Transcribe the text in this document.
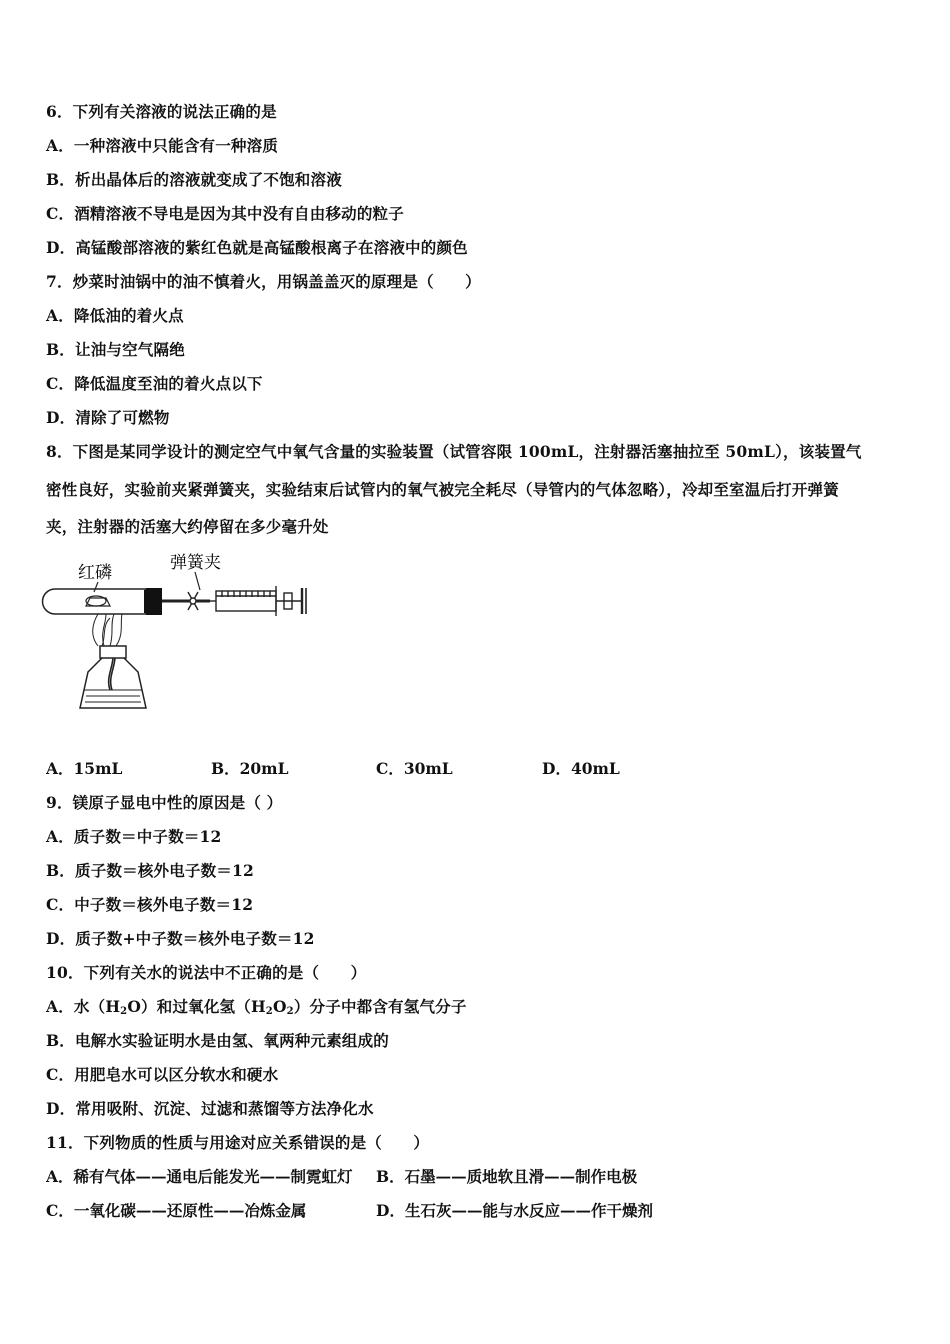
6．下列有关溶液的说法正确的是
A．一种溶液中只能含有一种溶质
B．析出晶体后的溶液就变成了不饱和溶液
C．酒精溶液不导电是因为其中没有自由移动的粒子
D．高锰酸部溶液的紫红色就是高锰酸根离子在溶液中的颜色
7．炒菜时油锅中的油不慎着火，用锅盖盖灭的原理是（　　）
A．降低油的着火点
B．让油与空气隔绝
C．降低温度至油的着火点以下
D．清除了可燃物
8．下图是某同学设计的测定空气中氧气含量的实验装置（试管容限 100mL，注射器活塞抽拉至 50mL），该装置气
密性良好，实验前夹紧弹簧夹，实验结束后试管内的氧气被完全耗尽（导管内的气体忽略），冷却至室温后打开弹簧
夹，注射器的活塞大约停留在多少毫升处
红磷	弹簧夹
A．15mL	B．20mL	C．30mL	D．40mL
9．镁原子显电中性的原因是（ ）
A．质子数＝中子数＝12
B．质子数＝核外电子数＝12
C．中子数＝核外电子数＝12
D．质子数+中子数＝核外电子数＝12
10．下列有关水的说法中不正确的是（　　）
A．水$(H_2O)$和过氧化氢$(H_2O_2)$分子中都含有氢气分子
B．电解水实验证明水是由氢、氧两种元素组成的
C．用肥皂水可以区分软水和硬水
D．常用吸附、沉淀、过滤和蒸馏等方法净化水
11．下列物质的性质与用途对应关系错误的是（　　）
A．稀有气体——通电后能发光——制霓虹灯 B．石墨——质地软且滑——制作电极
C．一氧化碳——还原性——冶炼金属	D．生石灰——能与水反应——作干燥剂
